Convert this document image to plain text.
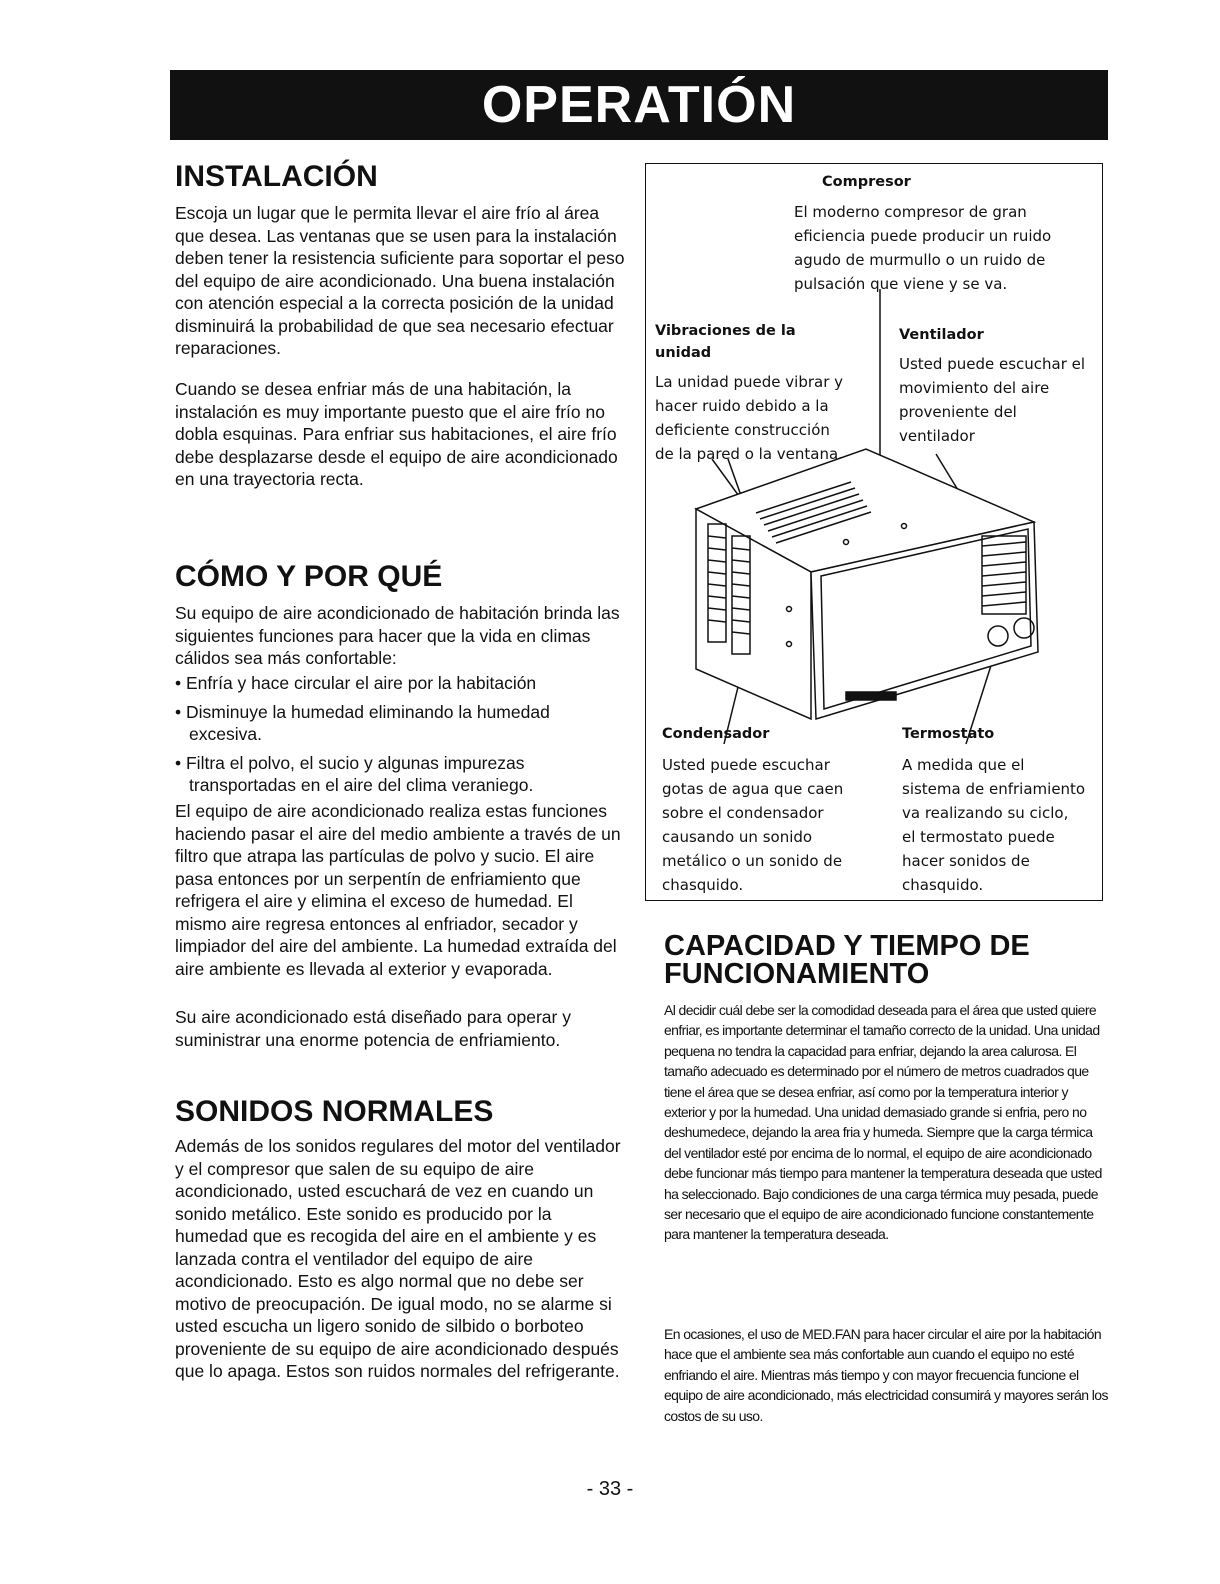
OPERATIÓN
INSTALACIÓN

Escoja un lugar que le permita llevar el aire frío al área que desea. Las ventanas que se usen para la instalación deben tener la resistencia suficiente para soportar el peso del equipo de aire acondicionado. Una buena instalación con atención especial a la correcta posición de la unidad disminuirá la probabilidad de que sea necesario efectuar reparaciones.

Cuando se desea enfriar más de una habitación, la instalación es muy importante puesto que el aire frío no dobla esquinas. Para enfriar sus habitaciones, el aire frío debe desplazarse desde el equipo de aire acondicionado en una trayectoria recta.

CÓMO Y POR QUÉ

Su equipo de aire acondicionado de habitación brinda las siguientes funciones para hacer que la vida en climas cálidos sea más confortable:

• Enfría y hace circular el aire por la habitación
• Disminuye la humedad eliminando la humedad excesiva.
• Filtra el polvo, el sucio y algunas impurezas transportadas en el aire del clima veraniego.

El equipo de aire acondicionado realiza estas funciones haciendo pasar el aire del medio ambiente a través de un filtro que atrapa las partículas de polvo y sucio. El aire pasa entonces por un serpentín de enfriamiento que refrigera el aire y elimina el exceso de humedad. El mismo aire regresa entonces al enfriador, secador y limpiador del aire del ambiente. La humedad extraída del aire ambiente es llevada al exterior y evaporada.

Su aire acondicionado está diseñado para operar y suministrar una enorme potencia de enfriamiento.

SONIDOS NORMALES

Además de los sonidos regulares del motor del ventilador y el compresor que salen de su equipo de aire acondicionado, usted escuchará de vez en cuando un sonido metálico. Este sonido es producido por la humedad que es recogida del aire en el ambiente y es lanzada contra el ventilador del equipo de aire acondicionado. Esto es algo normal que no debe ser motivo de preocupación. De igual modo, no se alarme si usted escucha un ligero sonido de silbido o borboteo proveniente de su equipo de aire acondicionado después que lo apaga. Estos son ruidos normales del refrigerante.

Compresor
El moderno compresor de gran
eficiencia puede producir un ruido
agudo de murmullo o un ruido de
pulsación que viene y se va.
Vibraciones de la
unidad
La unidad puede vibrar y
hacer ruido debido a la
deficiente construcción
de la pared o la ventana.
Ventilador
Usted puede escuchar el
movimiento del aire
proveniente del
ventilador
Condensador
Usted puede escuchar
gotas de agua que caen
sobre el condensador
causando un sonido
metálico o un sonido de
chasquido.
Termostato
A medida que el
sistema de enfriamiento
va realizando su ciclo,
el termostato puede
hacer sonidos de
chasquido.
CAPACIDAD Y TIEMPO DE FUNCIONAMIENTO

Al decidir cuál debe ser la comodidad deseada para el área que usted quiere enfriar, es importante determinar el tamaño correcto de la unidad. Una unidad pequena no tendra la capacidad para enfriar, dejando la area calurosa. El tamaño adecuado es determinado por el número de metros cuadrados que tiene el área que se desea enfriar, así como por la temperatura interior y exterior y por la humedad. Una unidad demasiado grande si enfria, pero no deshumedece, dejando la area fria y humeda. Siempre que la carga térmica del ventilador esté por encima de lo normal, el equipo de aire acondicionado debe funcionar más tiempo para mantener la temperatura deseada que usted ha seleccionado. Bajo condiciones de una carga térmica muy pesada, puede ser necesario que el equipo de aire acondicionado funcione constantemente para mantener la temperatura deseada.

En ocasiones, el uso de MED.FAN para hacer circular el aire por la habitación hace que el ambiente sea más confortable aun cuando el equipo no esté enfriando el aire. Mientras más tiempo y con mayor frecuencia funcione el equipo de aire acondicionado, más electricidad consumirá y mayores serán los costos de su uso.

- 33 -
